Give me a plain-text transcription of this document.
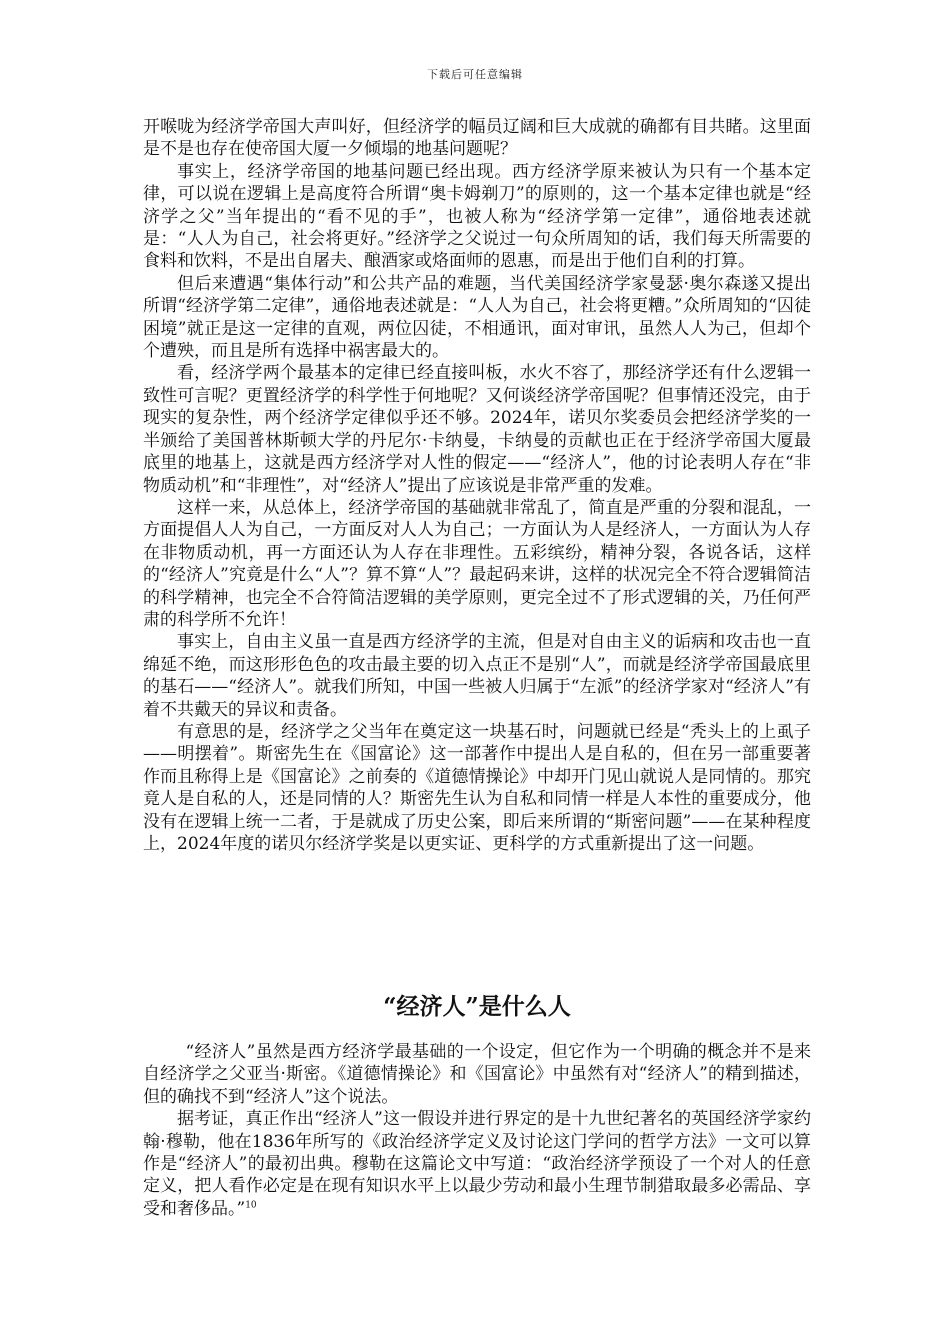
下载后可任意编辑

开喉咙为经济学帝国大声叫好，但经济学的幅员辽阔和巨大成就的确都有目共睹。这里面是不是也存在使帝国大厦一夕倾塌的地基问题呢？

事实上，经济学帝国的地基问题已经出现。西方经济学原来被认为只有一个基本定律，可以说在逻辑上是高度符合所谓“奥卡姆剃刀”的原则的，这一个基本定律也就是“经济学之父”当年提出的“看不见的手”，也被人称为“经济学第一定律”，通俗地表述就是：“人人为自己，社会将更好。”经济学之父说过一句众所周知的话，我们每天所需要的食料和饮料，不是出自屠夫、酿酒家或烙面师的恩惠，而是出于他们自利的打算。

但后来遭遇“集体行动”和公共产品的难题，当代美国经济学家曼瑟·奥尔森遂又提出所谓“经济学第二定律”，通俗地表述就是：“人人为自己，社会将更糟。”众所周知的“囚徒困境”就正是这一定律的直观，两位囚徒，不相通讯，面对审讯，虽然人人为己，但却个个遭殃，而且是所有选择中祸害最大的。

看，经济学两个最基本的定律已经直接叫板，水火不容了，那经济学还有什么逻辑一致性可言呢？更置经济学的科学性于何地呢？又何谈经济学帝国呢？但事情还没完，由于现实的复杂性，两个经济学定律似乎还不够。2024年，诺贝尔奖委员会把经济学奖的一半颁给了美国普林斯顿大学的丹尼尔·卡纳曼，卡纳曼的贡献也正在于经济学帝国大厦最底里的地基上，这就是西方经济学对人性的假定——“经济人”，他的讨论表明人存在“非物质动机”和“非理性”，对“经济人”提出了应该说是非常严重的发难。

这样一来，从总体上，经济学帝国的基础就非常乱了，简直是严重的分裂和混乱，一方面提倡人人为自己，一方面反对人人为自己；一方面认为人是经济人，一方面认为人存在非物质动机，再一方面还认为人存在非理性。五彩缤纷，精神分裂，各说各话，这样的“经济人”究竟是什么“人”？算不算“人”？最起码来讲，这样的状况完全不符合逻辑简洁的科学精神，也完全不合符简洁逻辑的美学原则，更完全过不了形式逻辑的关，乃任何严肃的科学所不允许！

事实上，自由主义虽一直是西方经济学的主流，但是对自由主义的诟病和攻击也一直绵延不绝，而这形形色色的攻击最主要的切入点正不是别“人”，而就是经济学帝国最底里的基石——“经济人”。就我们所知，中国一些被人归属于“左派”的经济学家对“经济人”有着不共戴天的异议和责备。

有意思的是，经济学之父当年在奠定这一块基石时，问题就已经是“秃头上的上虱子——明摆着”。斯密先生在《国富论》这一部著作中提出人是自私的，但在另一部重要著作而且称得上是《国富论》之前奏的《道德情操论》中却开门见山就说人是同情的。那究竟人是自私的人，还是同情的人？斯密先生认为自私和同情一样是人本性的重要成分，他没有在逻辑上统一二者，于是就成了历史公案，即后来所谓的“斯密问题”——在某种程度上，2024年度的诺贝尔经济学奖是以更实证、更科学的方式重新提出了这一问题。

“经济人”是什么人

“经济人”虽然是西方经济学最基础的一个设定，但它作为一个明确的概念并不是来自经济学之父亚当·斯密。《道德情操论》和《国富论》中虽然有对“经济人”的精到描述，但的确找不到“经济人”这个说法。

据考证，真正作出“经济人”这一假设并进行界定的是十九世纪著名的英国经济学家约翰·穆勒，他在1836年所写的《政治经济学定义及讨论这门学问的哲学方法》一文可以算作是“经济人”的最初出典。穆勒在这篇论文中写道：“政治经济学预设了一个对人的任意定义，把人看作必定是在现有知识水平上以最少劳动和最小生理节制猎取最多必需品、享受和奢侈品。”$^{10}$
